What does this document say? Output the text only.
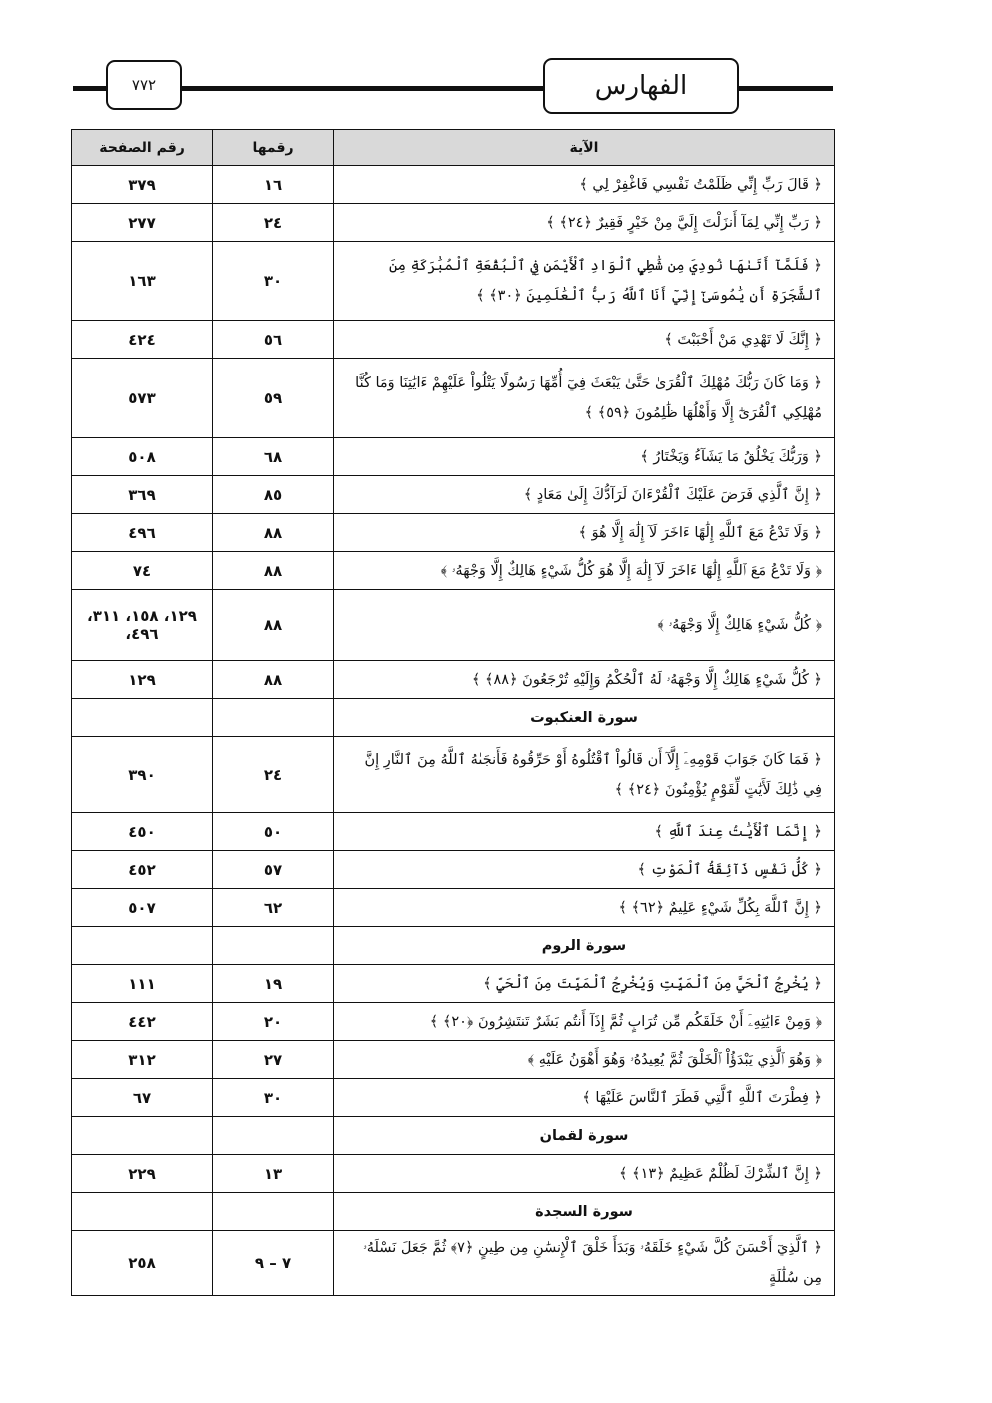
٧٧٢	الفهارس
الآية	رقمها	رقم الصفحة
﴿ قَالَ رَبِّ إِنِّي ظَلَمْتُ نَفْسِي فَاغْفِرْ لِي ﴾	١٦	٣٧٩
﴿ رَبِّ إِنِّي لِمَآ أَنزَلْتَ إِلَيَّ مِنْ خَيْرٍ فَقِيرٌ ﴿٢٤﴾ ﴾	٢٤	٢٧٧
﴿ فَلَمَّآ أَتَىٰهَا نُودِيَ مِن شَٰطِيِٕ ٱلْوَادِ ٱلْأَيْمَنِ فِي ٱلْبُقْعَةِ ٱلْمُبَٰرَكَةِ مِنَ ٱلشَّجَرَةِ أَن يَٰمُوسَىٰٓ إِنِّيٓ أَنَا ٱللَّهُ رَبُّ ٱلْعَٰلَمِينَ ﴿٣٠﴾ ﴾	٣٠	١٦٣
﴿ إِنَّكَ لَا تَهْدِي مَنْ أَحْبَبْتَ ﴾	٥٦	٤٢٤
﴿ وَمَا كَانَ رَبُّكَ مُهْلِكَ ٱلْقُرَىٰ حَتَّىٰ يَبْعَثَ فِيٓ أُمِّهَا رَسُولًا يَتْلُواْ عَلَيْهِمْ ءَايَٰتِنَا وَمَا كُنَّا مُهْلِكِي ٱلْقُرَىٰٓ إِلَّا وَأَهْلُهَا ظَٰلِمُونَ ﴿٥٩﴾ ﴾	٥٩	٥٧٣
﴿ وَرَبُّكَ يَخْلُقُ مَا يَشَآءُ وَيَخْتَارُ ﴾	٦٨	٥٠٨
﴿ إِنَّ ٱلَّذِي فَرَضَ عَلَيْكَ ٱلْقُرْءَانَ لَرَآدُّكَ إِلَىٰ مَعَادٍ ﴾	٨٥	٣٦٩
﴿ وَلَا تَدْعُ مَعَ ٱللَّهِ إِلَٰهًا ءَاخَرَ لَآ إِلَٰهَ إِلَّا هُوَ ﴾	٨٨	٤٩٦
﴿ وَلَا تَدْعُ مَعَ ٱللَّهِ إِلَٰهًا ءَاخَرَ لَآ إِلَٰهَ إِلَّا هُوَ كُلُّ شَيْءٍ هَالِكٌ إِلَّا وَجْهَهُۥ ﴾	٨٨	٧٤
﴿ كُلُّ شَيْءٍ هَالِكٌ إِلَّا وَجْهَهُۥ ﴾	٨٨	١٢٩، ١٥٨، ٣١١، ٤٩٦،
﴿ كُلُّ شَيْءٍ هَالِكٌ إِلَّا وَجْهَهُۥ لَهُ ٱلْحُكْمُ وَإِلَيْهِ تُرْجَعُونَ ﴿٨٨﴾ ﴾	٨٨	١٢٩
سورة العنكبوت		
﴿ فَمَا كَانَ جَوَابَ قَوْمِهِۦٓ إِلَّآ أَن قَالُواْ ٱقْتُلُوهُ أَوْ حَرِّقُوهُ فَأَنجَىٰهُ ٱللَّهُ مِنَ ٱلنَّارِ إِنَّ فِي ذَٰلِكَ لَأَيَٰتٍ لِّقَوْمٍ يُؤْمِنُونَ ﴿٢٤﴾ ﴾	٢٤	٣٩٠
﴿ إِنَّمَا ٱلْأَيَٰتُ عِندَ ٱللَّهِ ﴾	٥٠	٤٥٠
﴿ كُلُّ نَفْسٍ ذَآئِقَةُ ٱلْمَوْتِ ﴾	٥٧	٤٥٢
﴿ إِنَّ ٱللَّهَ بِكُلِّ شَيْءٍ عَلِيمٌ ﴿٦٢﴾ ﴾	٦٢	٥٠٧
سورة الروم		
﴿ يُخْرِجُ ٱلْحَيَّ مِنَ ٱلْمَيِّتِ وَيُخْرِجُ ٱلْمَيِّتَ مِنَ ٱلْحَيِّ ﴾	١٩	١١١
﴿ وَمِنْ ءَايَٰتِهِۦٓ أَنْ خَلَقَكُم مِّن تُرَابٍ ثُمَّ إِذَآ أَنتُم بَشَرٌ تَنتَشِرُونَ ﴿٢٠﴾ ﴾	٢٠	٤٤٢
﴿ وَهُوَ ٱلَّذِي يَبْدَؤُاْ ٱلْخَلْقَ ثُمَّ يُعِيدُهُۥ وَهُوَ أَهْوَنُ عَلَيْهِ ﴾	٢٧	٣١٢
﴿ فِطْرَتَ ٱللَّهِ ٱلَّتِي فَطَرَ ٱلنَّاسَ عَلَيْهَا ﴾	٣٠	٦٧
سورة لقمان		
﴿ إِنَّ ٱلشِّرْكَ لَظُلْمٌ عَظِيمٌ ﴿١٣﴾ ﴾	١٣	٢٢٩
سورة السجدة		
﴿ ٱلَّذِيٓ أَحْسَنَ كُلَّ شَيْءٍ خَلَقَهُۥ وَبَدَأَ خَلْقَ ٱلْإِنسَٰنِ مِن طِينٍ ﴿٧﴾ ثُمَّ جَعَلَ نَسْلَهُۥ مِن سُلَٰلَةٍ	٧ – ٩	٢٥٨
